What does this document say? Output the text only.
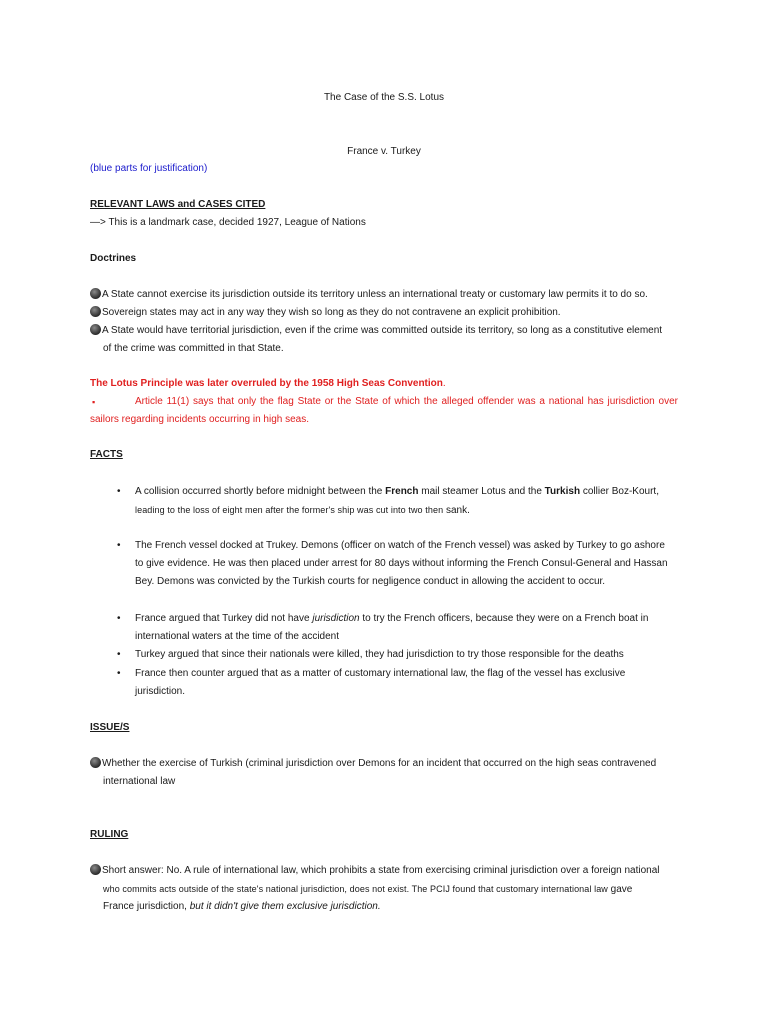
The Case of the S.S. Lotus
France v. Turkey
(blue parts for justification)
RELEVANT LAWS and CASES CITED
—> This is a landmark case, decided 1927, League of Nations
Doctrines
A State cannot exercise its jurisdiction outside its territory unless an international treaty or customary law permits it to do so.
Sovereign states may act in any way they wish so long as they do not contravene an explicit prohibition.
A State would have territorial jurisdiction, even if the crime was committed outside its territory, so long as a constitutive element
of the crime was committed in that State.
The Lotus Principle was later overruled by the 1958 High Seas Convention.
▪	Article 11(1) says that only the flag State or the State of which the alleged offender was a national has jurisdiction over
sailors regarding incidents occurring in high seas.
FACTS
• A collision occurred shortly before midnight between the French mail steamer Lotus and the Turkish collier Boz-Kourt,
leading to the loss of eight men after the former's ship was cut into two then sank.
• The French vessel docked at Trukey. Demons (officer on watch of the French vessel) was asked by Turkey to go ashore
to give evidence. He was then placed under arrest for 80 days without informing the French Consul-General and Hassan
Bey. Demons was convicted by the Turkish courts for negligence conduct in allowing the accident to occur.
• France argued that Turkey did not have jurisdiction to try the French officers, because they were on a French boat in
international waters at the time of the accident
• Turkey argued that since their nationals were killed, they had jurisdiction to try those responsible for the deaths
• France then counter argued that as a matter of customary international law, the flag of the vessel has exclusive
jurisdiction.
ISSUE/S
Whether the exercise of Turkish (criminal jurisdiction over Demons for an incident that occurred on the high seas contravened
international law
RULING
Short answer: No. A rule of international law, which prohibits a state from exercising criminal jurisdiction over a foreign national
who commits acts outside of the state's national jurisdiction, does not exist. The PCIJ found that customary international law gave
France jurisdiction, but it didn't give them exclusive jurisdiction.
